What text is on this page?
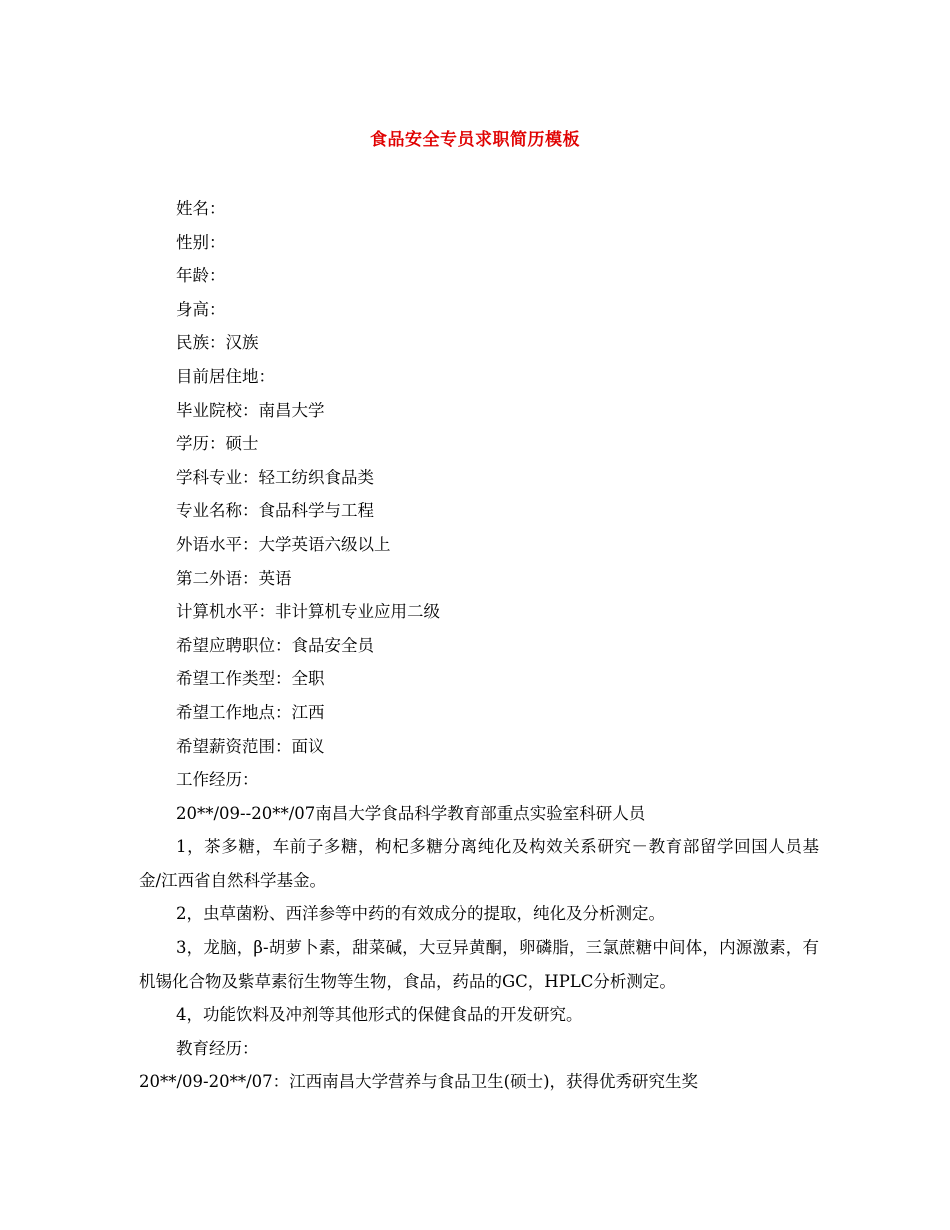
食品安全专员求职简历模板
姓名：
性别：
年龄：
身高：
民族：汉族
目前居住地：
毕业院校：南昌大学
学历：硕士
学科专业：轻工纺织食品类
专业名称：食品科学与工程
外语水平：大学英语六级以上
第二外语：英语
计算机水平：非计算机专业应用二级
希望应聘职位：食品安全员
希望工作类型：全职
希望工作地点：江西
希望薪资范围：面议
工作经历：
20**/09--20**/07南昌大学食品科学教育部重点实验室科研人员
1，茶多糖，车前子多糖，枸杞多糖分离纯化及构效关系研究－教育部留学回国人员基金/江西省自然科学基金。
2，虫草菌粉、西洋参等中药的有效成分的提取，纯化及分析测定。
3，龙脑，β-胡萝卜素，甜菜碱，大豆异黄酮，卵磷脂，三氯蔗糖中间体，内源激素，有机锡化合物及紫草素衍生物等生物，食品，药品的GC，HPLC分析测定。
4，功能饮料及冲剂等其他形式的保健食品的开发研究。
教育经历：
20**/09-20**/07：江西南昌大学营养与食品卫生(硕士)，获得优秀研究生奖
